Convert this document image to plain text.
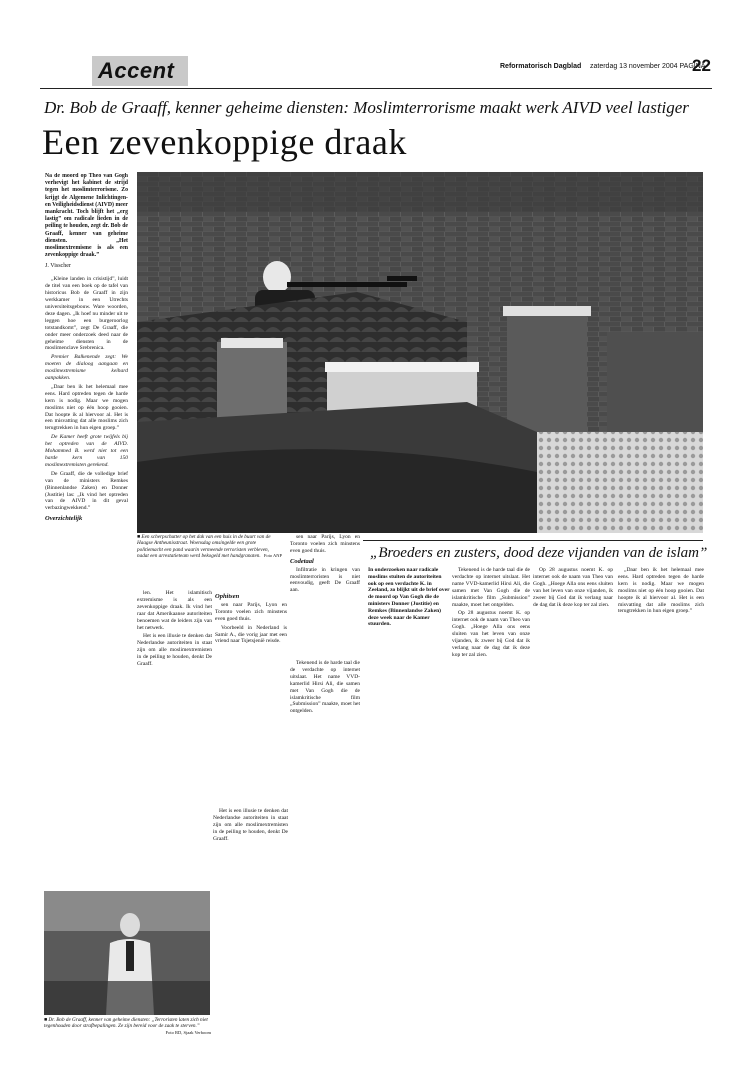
Accent	Reformatorisch Dagblad zaterdag 13 november 2004 PAGINA
22
Dr. Bob de Graaff, kenner geheime diensten: Moslimterrorisme maakt werk AIVD veel lastiger
Een zevenkoppige draak
Na de moord op Theo van Gogh verhevigt het kabinet de strijd tegen het moslimterrorisme. Zo krijgt de Algemene Inlichtingen- en Veiligheidsdienst (AIVD) meer mankracht. Toch blijft het „erg lastig” om radicale lieden in de peiling te houden, zegt dr. Bob de Graaff, kenner van geheime diensten. „Het moslimextremisme is als een zevenkoppige draak.”
J. Visscher

„Kleine landen in crisistijd”, luidt de titel van een boek op de tafel van historicus Bob de Graaff in zijn werkkamer in een Utrechts universiteitsgebouw. Ware woorden, deze dagen. „Ik hoef nu minder uit te leggen hoe een burgeroorlog totstandkomt”, zegt De Graaff, die onder meer onderzoek deed naar de geheime diensten in de moslimenclave Srebrenica.

Premier Balkenende zegt: We moeten de dialoog aangaan en moslimextremisme keihard aanpakken.

„Daar ben ik het helemaal mee eens. Hard optreden tegen de harde kern is nodig. Maar we mogen moslims niet op één hoop gooien. Dat hoopte ik al hiervoor al. Het is een misvatting dat alle moslims zich terugtrekken in hun eigen groep.”

De Kamer heeft grote twijfels bij het optreden van de AIVD. Mohammed B. werd niet tot een harde kern van 150 moslimextremisten gerekend.

De Graaff, die de volledige brief van de ministers Remkes (Binnenlandse Zaken) en Donner (Justitie) las: „Ik vind het optreden van de AIVD in dit geval verbazingwekkend.”

Overzichtelijk
■ Een scherpschutter op het dak van een huis in de buurt van de Haagse Antheunisstraat. Woensdag omsingelde een grote politiemacht een pand waarin vermeende terroristen verbleven, nadat een arrestatieteam werd bekogeld met handgranaten. Foto ANP

len. Het islamitisch extremisme is als een zevenkoppige draak. Ik vind het raar dat Amerikaanse autoriteiten benoemen wat de leiders zijn van het netwerk.

Het is een illusie te denken dat Nederlandse autoriteiten in staat zijn om alle moslimextremisten in de peiling te houden, denkt De Graaff.

Ophitsen

sen naar Parijs, Lyon en Toronto voelen zich minstens even goed thuis.

Voorbeeld in Nederland is Samir A., die vorig jaar met een vriend naar Tsjetsjenië reisde.

sen naar Parijs, Lyon en Toronto voelen zich minstens even goed thuis.

Codetaal

Infiltratie in kringen van moslimterroristen is niet eenvoudig, geeft De Graaff aan.

„Broeders en zusters, dood deze vijanden van de islam”
In onderzoeken naar radicale moslims stuiten de autoriteiten ook op een verdachte K. in Zeeland, zo blijkt uit de brief over de moord op Van Gogh die de ministers Donner (Justitie) en Remkes (Binnenlandse Zaken) deze week naar de Kamer stuurden.

Tekenend is de harde taal die de verdachte op internet uitslaat. Het name VVD-kamerlid Hirsi Ali, die samen met Van Gogh die de islamkritische film „Submission” maakte, moet het ontgelden.

Op 28 augustus noemt K. op internet ook de naam van Theo van Gogh. „Hoege Alla ons eens sluiten van het leven van onze vijanden, ik zweer bij God dat ik verlang naar de dag dat ik deze kop ter zal zien.

■ Dr. Bob de Graaff, kenner van geheime diensten: „Terroristen laten zich niet tegenhouden door strafbepalingen. Ze zijn bereid voor de zaak te sterven.”
Foto RD, Sjaak Verboom

Het is een illusie te denken dat Nederlandse autoriteiten in staat zijn om alle moslimextremisten in de peiling te houden, denkt De Graaff.

Tekenend is de harde taal die de verdachte op internet uitslaat. Het name VVD-kamerlid Hirsi Ali, die samen met Van Gogh die de islamkritische film „Submission” maakte, moet het ontgelden.

Op 28 augustus noemt K. op internet ook de naam van Theo van Gogh. „Hoege Alla ons eens sluiten van het leven van onze vijanden, ik zweer bij God dat ik verlang naar de dag dat ik deze kop ter zal zien.

„Daar ben ik het helemaal mee eens. Hard optreden tegen de harde kern is nodig. Maar we mogen moslims niet op één hoop gooien. Dat hoopte ik al hiervoor al. Het is een misvatting dat alle moslims zich terugtrekken in hun eigen groep.”
